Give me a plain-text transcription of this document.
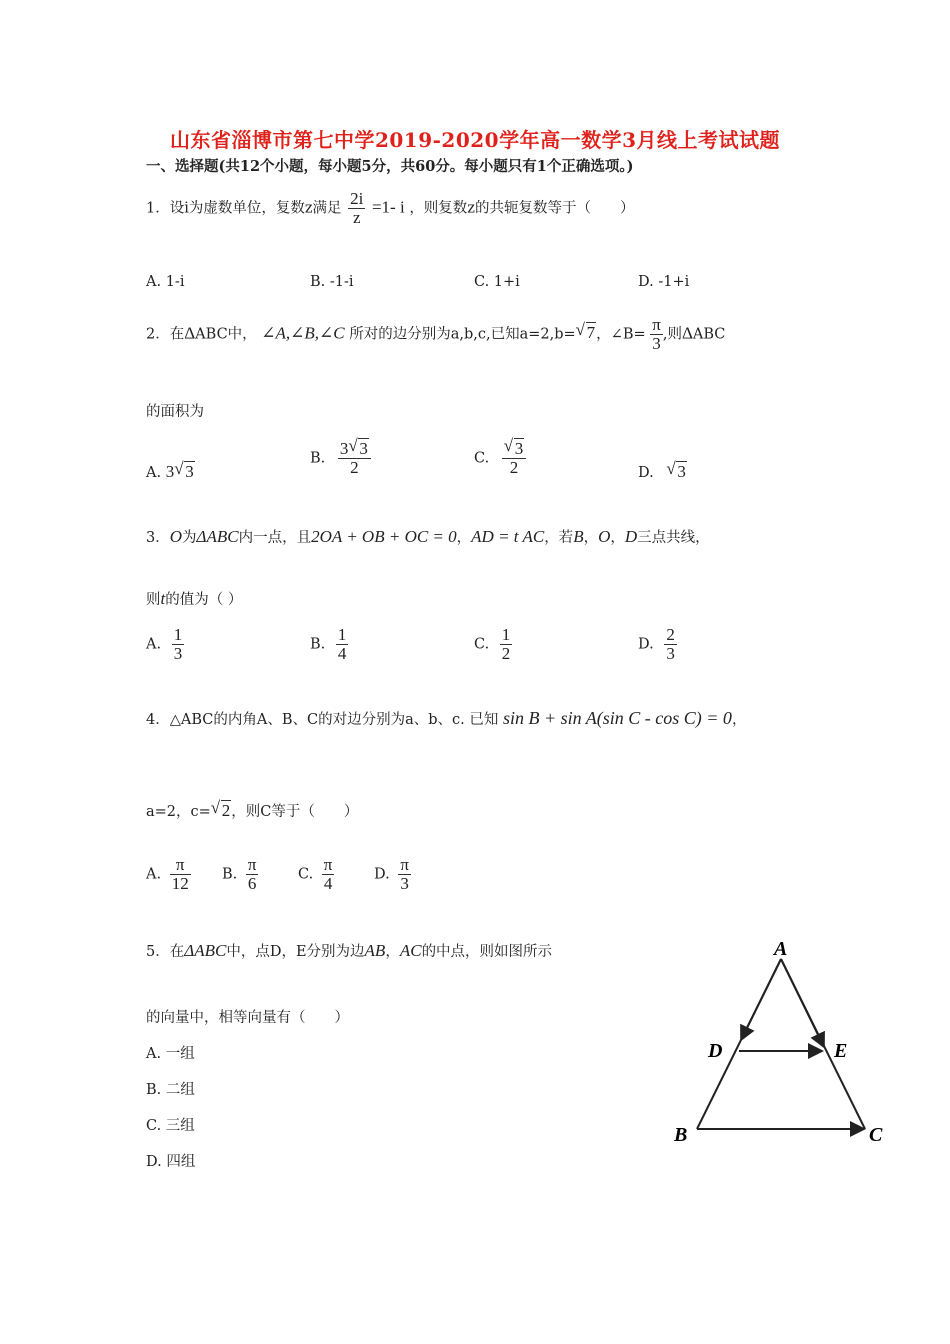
山东省淄博市第七中学2019-2020学年高一数学3月线上考试试题
一、选择题(共12个小题，每小题5分，共60分。每小题只有1个正确选项。)
1．设i为虚数单位，复数z满足 $\frac{2i}{z} =1-$ i ，则复数z的共轭复数等于（　　）
A. 1-i	B. -1-i	C. 1+i	D. -1+i
2．在ΔABC中， ∠A,∠B,∠C 所对的边分别为a,b,c,已知a=2,b= √ 7，∠B= $\frac{\pi}{3}$ ,则ΔABC
的面积为
A. 3 √ 3
B. $\frac{3 √ 3}{2}$	C. √ $\frac{3}{2}$	D. √ 3
3．O为ΔABC内一点，且2OA + OB + OC = 0，AD = t AC，若B，O，D三点共线，
则t的值为（ ）
A. $\frac{1}{3}$	B. $\frac{1}{4}$	C. $\frac{1}{2}$	D. $\frac{2}{3}$
4．△ABC的内角A、B、C的对边分别为a、b、c. 已知 sin B + sin A(sin C - cos C) = 0，
a=2，c= √ 2，则C等于（　　）
A. $\frac{\pi}{12} B$. $\frac{\pi}{6}$	C. $\frac{\pi}{4}$	D. $\frac{\pi}{3}$
5．在ΔABC中，点D，E分别为边AB，AC的中点，则如图所示
的向量中，相等向量有（　　）
A. 一组
B. 二组
C. 三组
D. 四组
A
D	E
B	C
